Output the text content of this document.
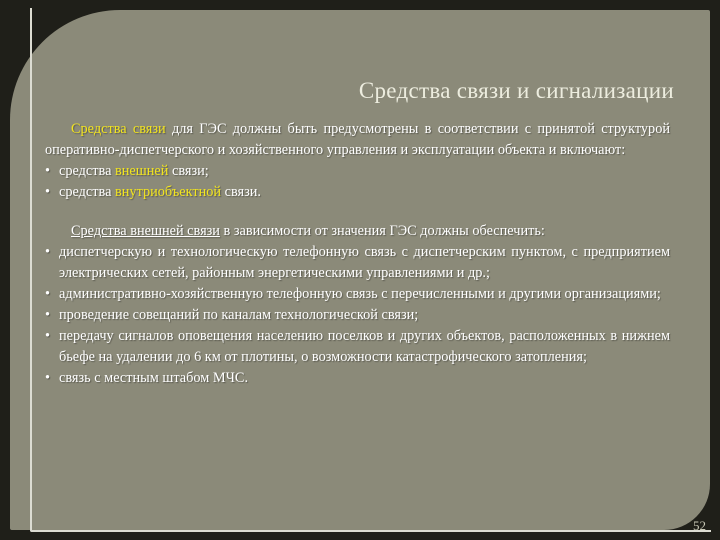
Средства связи и сигнализации

Средства связи для ГЭС должны быть предусмотрены в соответствии с принятой структурой оперативно-диспетчерского и хозяйственного управления и эксплуатации объекта и включают:

• средства внешней связи;
• средства внутриобъектной связи.

Средства внешней связи в зависимости от значения ГЭС должны обеспечить:

• диспетчерскую и технологическую телефонную связь с диспетчерским пунктом, с предприятием электрических сетей, районным энергетическими управлениями и др.;
• административно-хозяйственную телефонную связь с перечисленными и другими организациями;
• проведение совещаний по каналам технологической связи;
• передачу сигналов оповещения населению поселков и других объектов, расположенных в нижнем бьефе на удалении до 6 км от плотины, о возможности катастрофического затопления;
• связь с местным штабом МЧС.
52
